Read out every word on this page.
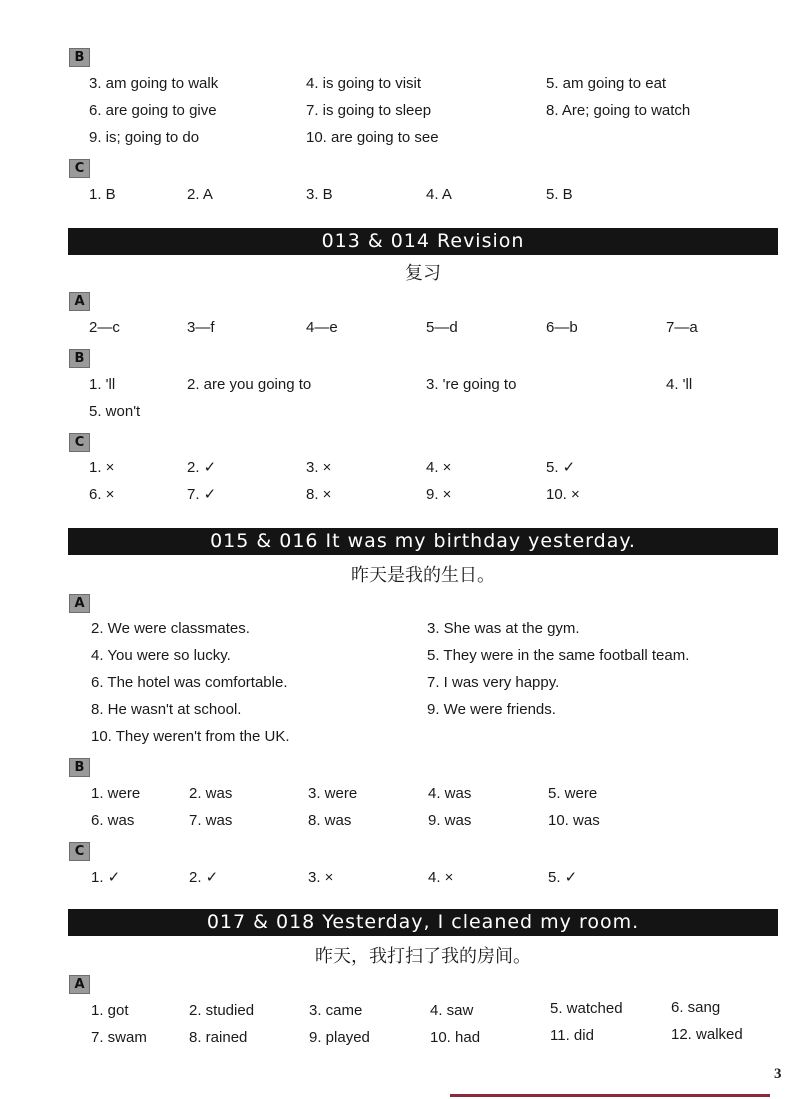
B
3. am going to walk	4. is going to visit	5. am going to eat
6. are going to give	7. is going to sleep	8. Are; going to watch
9. is; going to do	10. are going to see
C
1. B	2. A	3. B	4. A	5. B
013 & 014 Revision
复习
A
2—c	3—f	4—e	5—d	6—b	7—a
B
1. 'll	2. are you going to	3. 're going to	4. 'll
5. won't
C
1. ×	2. ✓	3. ×	4. ×	5. ✓
6. ×	7. ✓	8. ×	9. ×	10. ×
015 & 016 It was my birthday yesterday.
昨天是我的生日。
A
2. We were classmates.	3. She was at the gym.
4. You were so lucky.	5. They were in the same football team.
6. The hotel was comfortable.	7. I was very happy.
8. He wasn't at school.	9. We were friends.
10. They weren't from the UK.
B
1. were	2. was	3. were	4. was	5. were
6. was	7. was	8. was	9. was	10. was
C
1. ✓	2. ✓	3. ×	4. ×	5. ✓
017 & 018 Yesterday, I cleaned my room.
昨天，我打扫了我的房间。
A
1. got	2. studied	3. came	4. saw	5. watched	6. sang
7. swam	8. rained	9. played	10. had	11. did	12. walked
3
